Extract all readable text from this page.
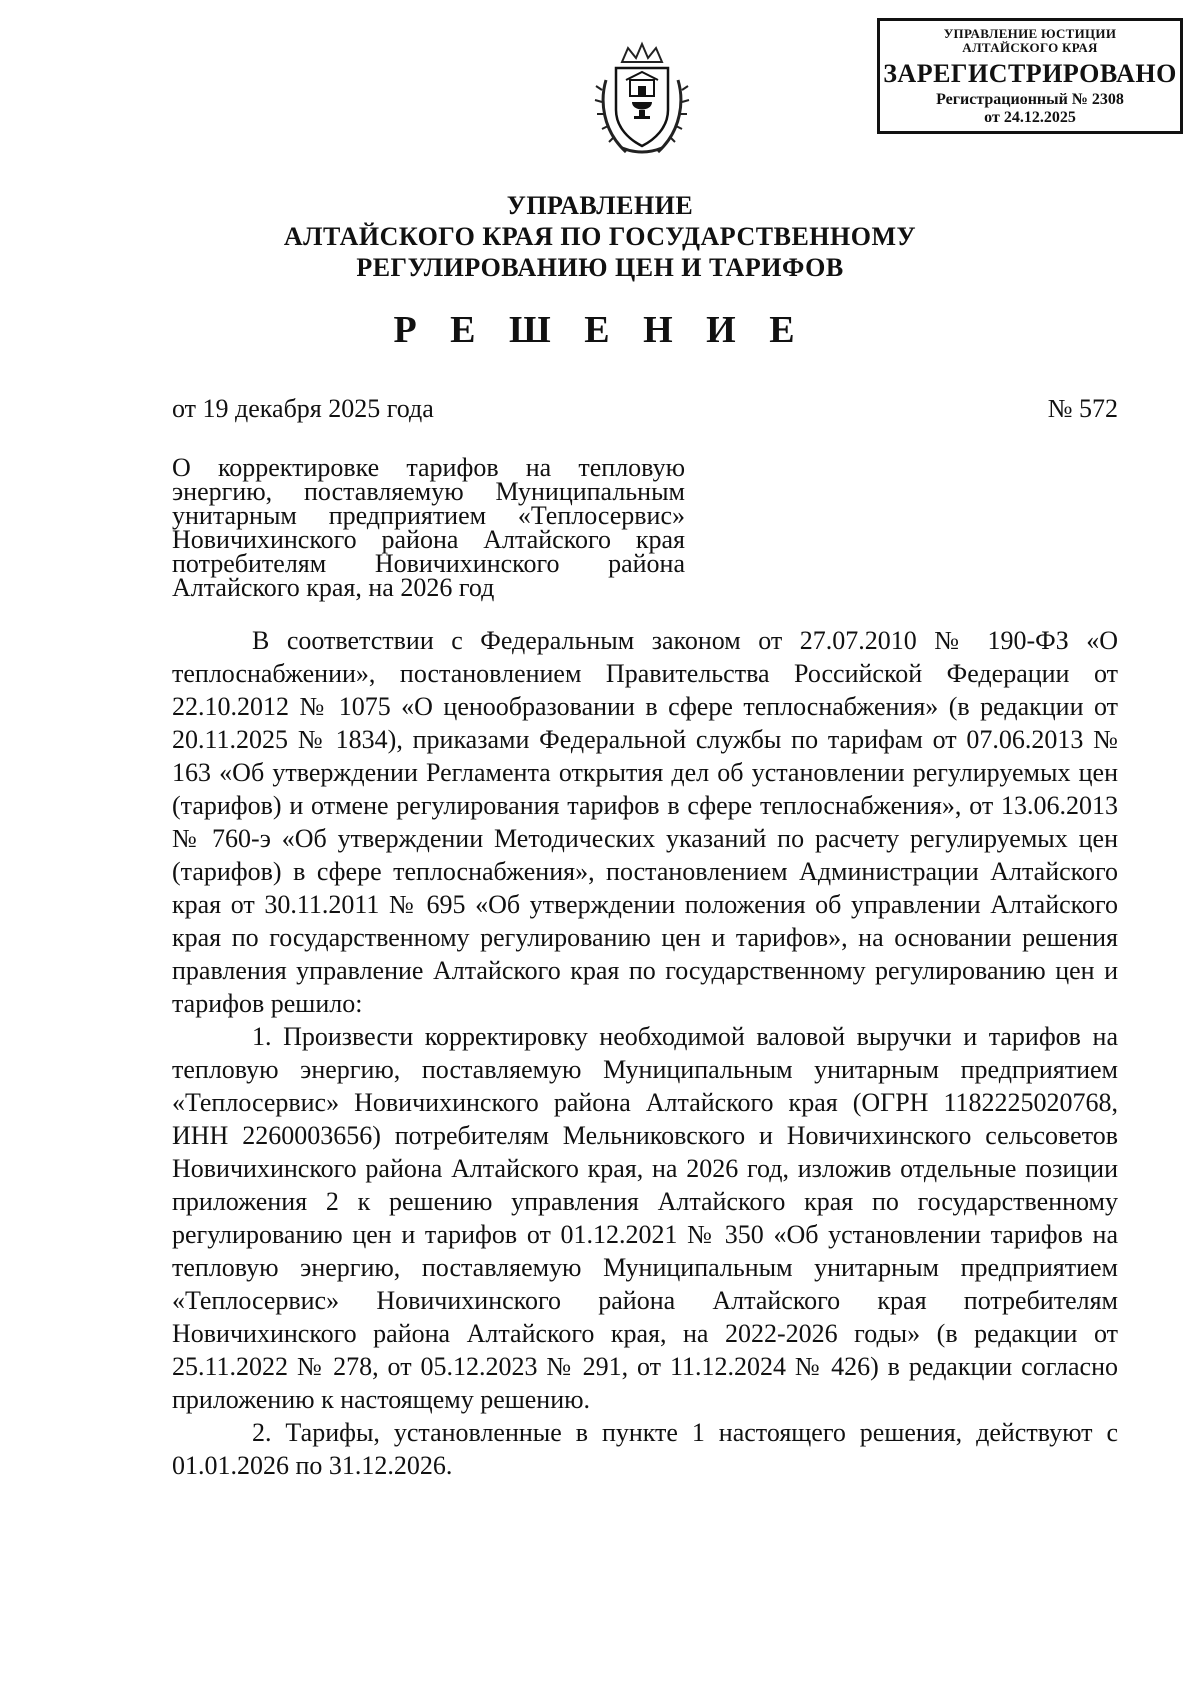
УПРАВЛЕНИЕ ЮСТИЦИИ
АЛТАЙСКОГО КРАЯ
ЗАРЕГИСТРИРОВАНО
Регистрационный № 2308
от 24.12.2025
УПРАВЛЕНИЕ
АЛТАЙСКОГО КРАЯ ПО ГОСУДАРСТВЕННОМУ
РЕГУЛИРОВАНИЮ ЦЕН И ТАРИФОВ
Р Е Ш Е Н И Е
от 19 декабря 2025 года	№ 572
О корректировке тарифов на тепловую энергию, поставляемую Муниципальным унитарным предприятием «Теплосервис» Новичихинского района Алтайского края потребителям Новичихинского района Алтайского края, на 2026 год

В соответствии с Федеральным законом от 27.07.2010 № 190-ФЗ «О теплоснабжении», постановлением Правительства Российской Федерации от 22.10.2012 № 1075 «О ценообразовании в сфере теплоснабжения» (в редакции от 20.11.2025 № 1834), приказами Федеральной службы по тарифам от 07.06.2013 № 163 «Об утверждении Регламента открытия дел об установлении регулируемых цен (тарифов) и отмене регулирования тарифов в сфере теплоснабжения», от 13.06.2013 № 760-э «Об утверждении Методических указаний по расчету регулируемых цен (тарифов) в сфере теплоснабжения», постановлением Администрации Алтайского края от 30.11.2011 № 695 «Об утверждении положения об управлении Алтайского края по государственному регулированию цен и тарифов», на основании решения правления управление Алтайского края по государственному регулированию цен и тарифов решило:

1. Произвести корректировку необходимой валовой выручки и тарифов на тепловую энергию, поставляемую Муниципальным унитарным предприятием «Теплосервис» Новичихинского района Алтайского края (ОГРН 1182225020768, ИНН 2260003656) потребителям Мельниковского и Новичихинского сельсоветов Новичихинского района Алтайского края, на 2026 год, изложив отдельные позиции приложения 2 к решению управления Алтайского края по государственному регулированию цен и тарифов от 01.12.2021 № 350 «Об установлении тарифов на тепловую энергию, поставляемую Муниципальным унитарным предприятием «Теплосервис» Новичихинского района Алтайского края потребителям Новичихинского района Алтайского края, на 2022-2026 годы» (в редакции от 25.11.2022 № 278, от 05.12.2023 № 291, от 11.12.2024 № 426) в редакции согласно приложению к настоящему решению.

2. Тарифы, установленные в пункте 1 настоящего решения, действуют с 01.01.2026 по 31.12.2026.
